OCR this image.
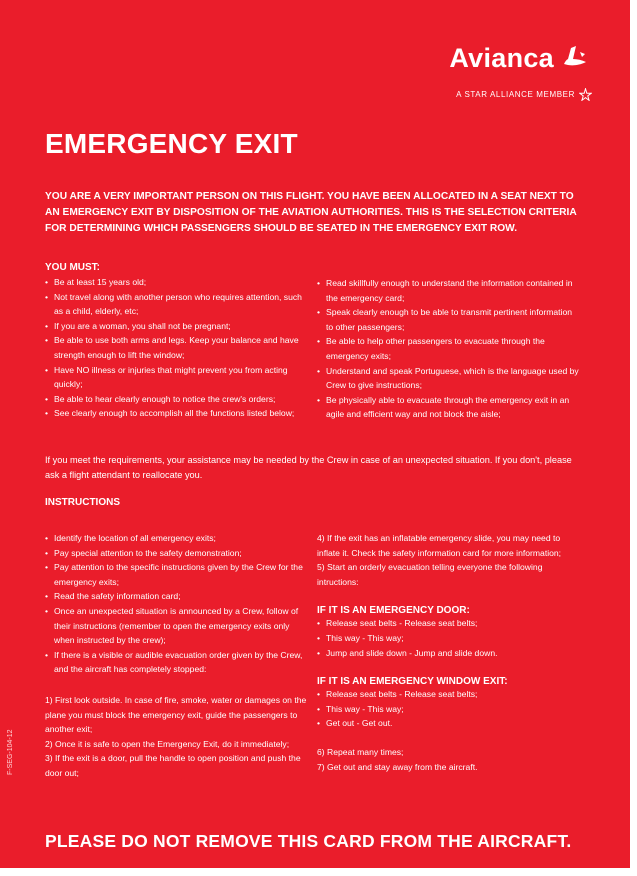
Avianca
A STAR ALLIANCE MEMBER
EMERGENCY EXIT

YOU ARE A VERY IMPORTANT PERSON ON THIS FLIGHT. YOU HAVE BEEN ALLOCATED IN A SEAT NEXT TO AN EMERGENCY EXIT BY DISPOSITION OF THE AVIATION AUTHORITIES. THIS IS THE SELECTION CRITERIA FOR DETERMINING WHICH PASSENGERS SHOULD BE SEATED IN THE EMERGENCY EXIT ROW.

YOU MUST:

• Be at least 15 years old;
• Not travel along with another person who requires attention, such as a child, elderly, etc;
• If you are a woman, you shall not be pregnant;
• Be able to use both arms and legs. Keep your balance and have strength enough to lift the window;
• Have NO illness or injuries that might prevent you from acting quickly;
• Be able to hear clearly enough to notice the crew's orders;
• See clearly enough to accomplish all the functions listed below;
• Read skillfully enough to understand the information contained in the emergency card;
• Speak clearly enough to be able to transmit pertinent information to other passengers;
• Be able to help other passengers to evacuate through the emergency exits;
• Understand and speak Portuguese, which is the language used by Crew to give instructions;
• Be physically able to evacuate through the emergency exit in an agile and efficient way and not block the aisle;

If you meet the requirements, your assistance may be needed by the Crew in case of an unexpected situation. If you don't, please ask a flight attendant to reallocate you.

INSTRUCTIONS

• Identify the location of all emergency exits;
• Pay special attention to the safety demonstration;
• Pay attention to the specific instructions given by the Crew for the emergency exits;
• Read the safety information card;
• Once an unexpected situation is announced by a Crew, follow of their instructions (remember to open the emergency exits only when instructed by the crew);
• If there is a visible or audible evacuation order given by the Crew, and the aircraft has completely stopped:
1) First look outside. In case of fire, smoke, water or damages on the plane you must block the emergency exit, guide the passengers to another exit;
2) Once it is safe to open the Emergency Exit, do it immediately;
3) If the exit is a door, pull the handle to open position and push the door out;
4) If the exit has an inflatable emergency slide, you may need to inflate it. Check the safety information card for more information;
5) Start an orderly evacuation telling everyone the following intructions:

IF IT IS AN EMERGENCY DOOR:

• Release seat belts - Release seat belts;
• This way - This way;
• Jump and slide down - Jump and slide down.

IF IT IS AN EMERGENCY WINDOW EXIT:

• Release seat belts - Release seat belts;
• This way - This way;
• Get out - Get out.
6) Repeat many times;
7) Get out and stay away from the aircraft.

PLEASE DO NOT REMOVE THIS CARD FROM THE AIRCRAFT.

F-SEG-104-12
